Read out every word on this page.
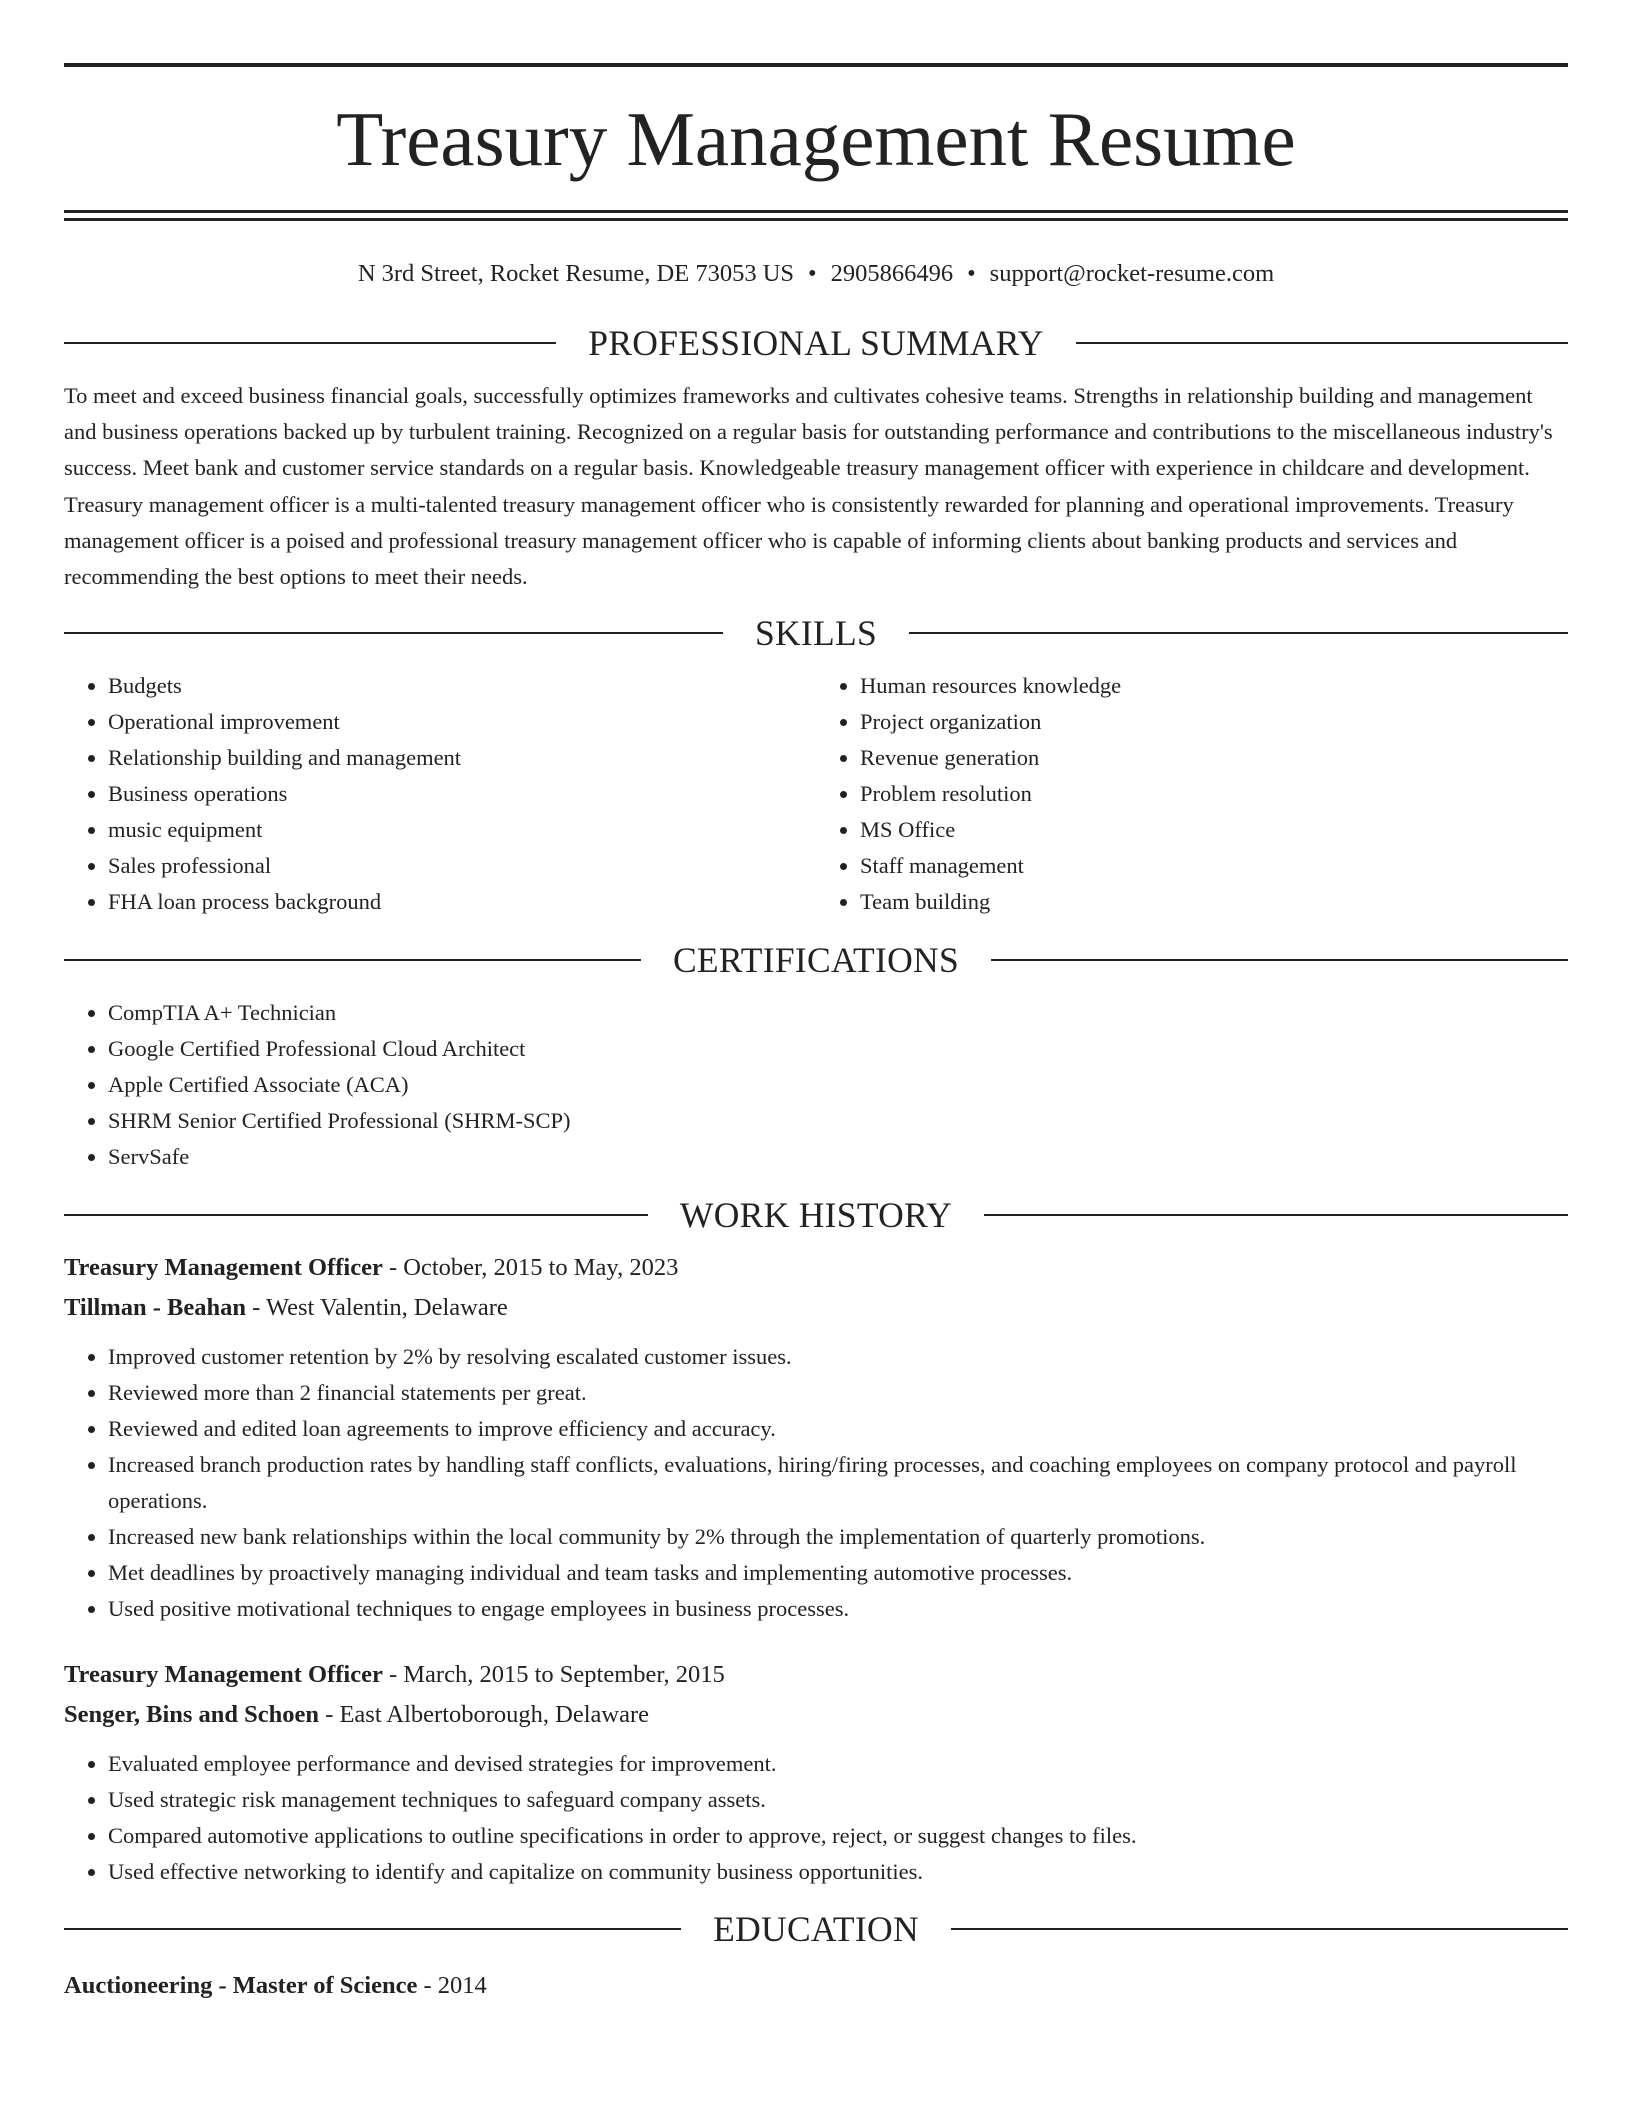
Treasury Management Resume
N 3rd Street, Rocket Resume, DE 73053 US • 2905866496 • support@rocket-resume.com
PROFESSIONAL SUMMARY

To meet and exceed business financial goals, successfully optimizes frameworks and cultivates cohesive teams. Strengths in relationship building and management and business operations backed up by turbulent training. Recognized on a regular basis for outstanding performance and contributions to the miscellaneous industry's success. Meet bank and customer service standards on a regular basis. Knowledgeable treasury management officer with experience in childcare and development. Treasury management officer is a multi-talented treasury management officer who is consistently rewarded for planning and operational improvements. Treasury management officer is a poised and professional treasury management officer who is capable of informing clients about banking products and services and recommending the best options to meet their needs.

SKILLS
• Budgets
• Operational improvement
• Relationship building and management
• Business operations
• music equipment
• Sales professional
• FHA loan process background
• Human resources knowledge
• Project organization
• Revenue generation
• Problem resolution
• MS Office
• Staff management
• Team building
CERTIFICATIONS
• CompTIA A+ Technician
• Google Certified Professional Cloud Architect
• Apple Certified Associate (ACA)
• SHRM Senior Certified Professional (SHRM-SCP)
• ServSafe
WORK HISTORY
Treasury Management Officer - October, 2015 to May, 2023
Tillman - Beahan - West Valentin, Delaware
• Improved customer retention by 2% by resolving escalated customer issues.
• Reviewed more than 2 financial statements per great.
• Reviewed and edited loan agreements to improve efficiency and accuracy.
• Increased branch production rates by handling staff conflicts, evaluations, hiring/firing processes, and coaching employees on company protocol and payroll operations.
• Increased new bank relationships within the local community by 2% through the implementation of quarterly promotions.
• Met deadlines by proactively managing individual and team tasks and implementing automotive processes.
• Used positive motivational techniques to engage employees in business processes.
Treasury Management Officer - March, 2015 to September, 2015
Senger, Bins and Schoen - East Albertoborough, Delaware
• Evaluated employee performance and devised strategies for improvement.
• Used strategic risk management techniques to safeguard company assets.
• Compared automotive applications to outline specifications in order to approve, reject, or suggest changes to files.
• Used effective networking to identify and capitalize on community business opportunities.
EDUCATION
Auctioneering - Master of Science - 2014
